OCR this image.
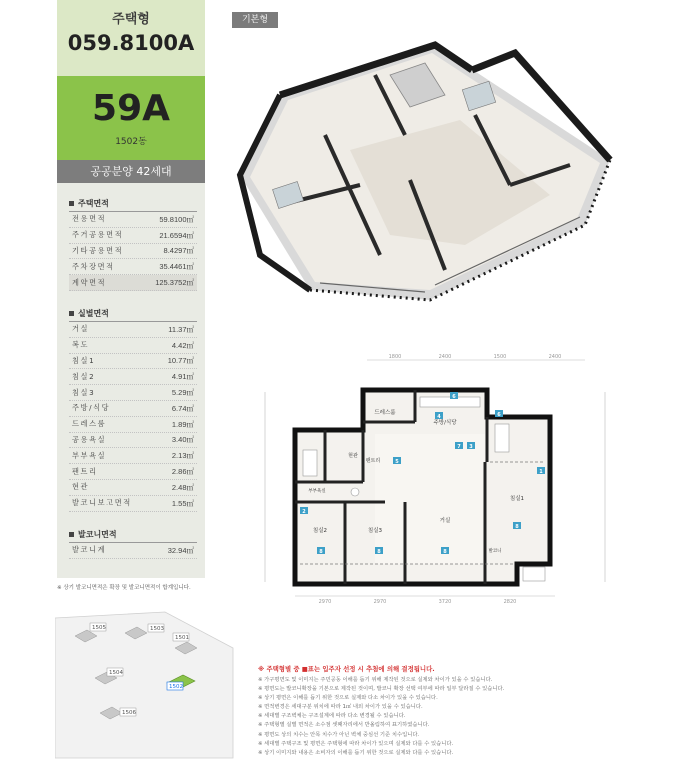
주택형
059.8100A
59A
1502동
공공분양 42세대
주택면적
전용면적	59.8100㎡
주거공용면적	21.6594㎡
기타공용면적	8.4297㎡
주차장면적	35.4461㎡
계약면적	125.3752㎡
실별면적
거실	11.37㎡
복도	4.42㎡
침실1	10.77㎡
침실2	4.91㎡
침실3	5.29㎡
주방/식당	6.74㎡
드레스룸	1.89㎡
공용욕실	3.40㎡
부부욕실	2.13㎡
팬트리	2.86㎡
현관	2.48㎡
발코니보고면적	1.55㎡
발코니면적
발코니계	32.94㎡
※ 상기 발코니면적은 확장 및 발코니면적이 합계입니다.
기본형
1800	2400	1500	2400
2970	2970	3720	2820
드레스룸
주방/식당
현관
팬트리
부부욕실
침실1
침실2	침실3
거실
발코니
6
4
7 3
5
1
2
8	8	8
8
6
1505	1503
1501
1504
1502
1506
※ 주택형별 중 ■표는 입주자 선정 시 추첨에 의해 결정됩니다.
※ 가구평면도 및 이미지는 주민공동 이해를 돕기 위해 제작된 것으로 실제와 차이가 있을 수 있습니다.
※ 평면도는 발코니확장을 기본으로 제작된 것이며, 발코니 확장 선택 여부에 따라 일부 달라질 수 있습니다.
※ 상기 평면은 이해를 돕기 위한 것으로 실제와 다소 차이가 있을 수 있습니다.
※ 면적변경은 세대구분 위치에 따라 1㎡ 내외 차이가 있을 수 있습니다.
※ 세대별 구조벽체는 구조설계에 따라 다소 변경될 수 있습니다.
※ 주택형별 실별 면적은 소수점 셋째자리에서 반올림하여 표기하였습니다.
※ 평면도 상의 치수는 안목 치수가 아닌 벽체 중심선 기준 치수입니다.
※ 세대별 주택구조 및 평면은 주택형에 따라 차이가 있으며 실제와 다를 수 있습니다.
※ 상기 이미지와 내용은 소비자의 이해를 돕기 위한 것으로 실제와 다를 수 있습니다.
